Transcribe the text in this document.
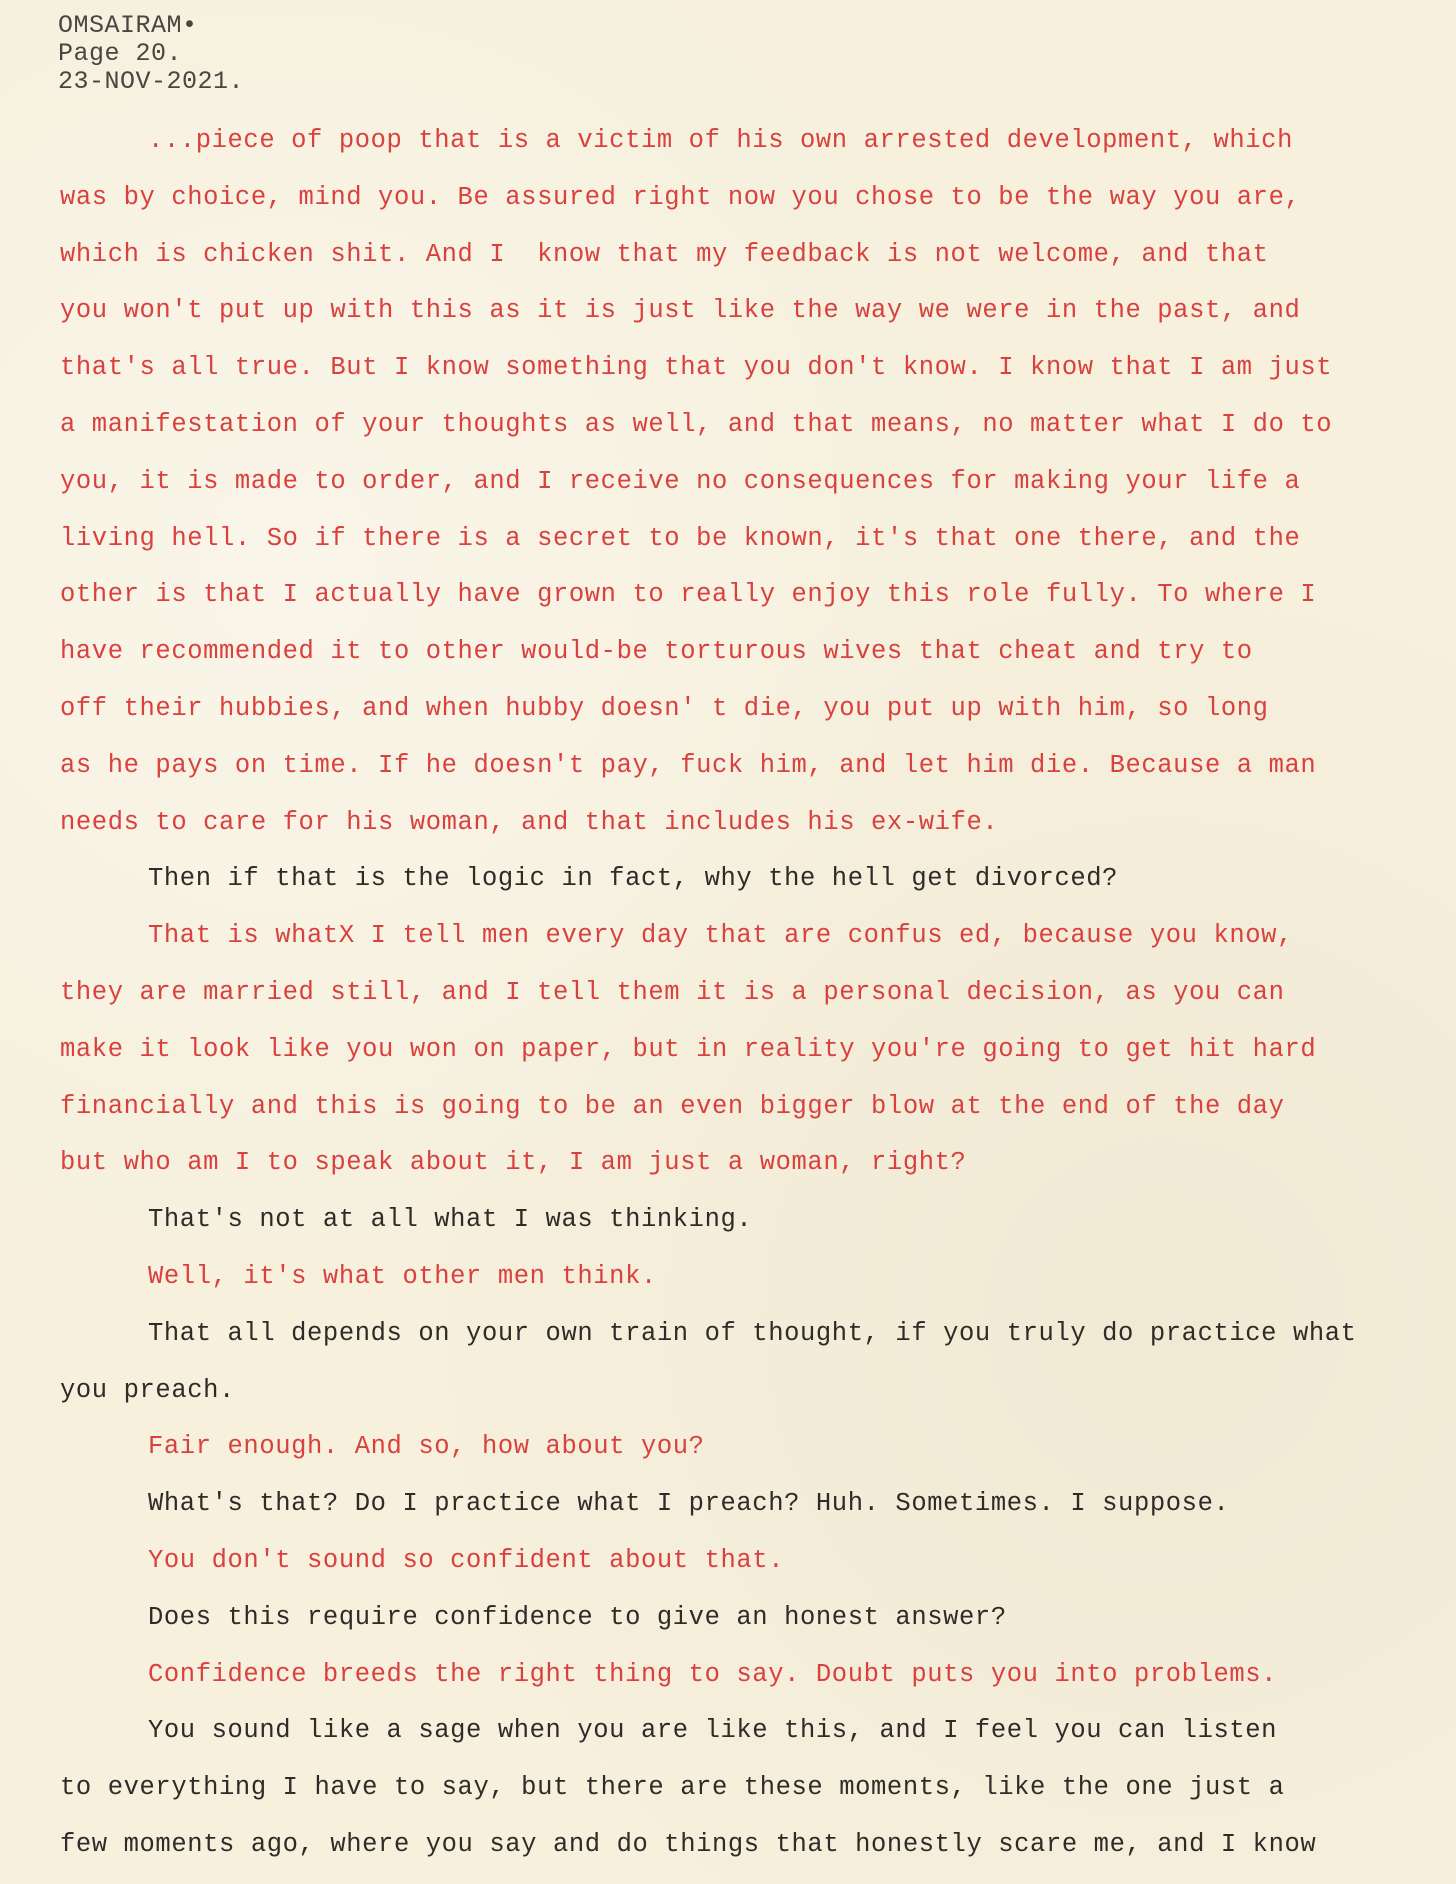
OMSAIRAM•
Page 20.
23-NOV-2021.
...piece of poop that is a victim of his own arrested development, which
was by choice, mind you. Be assured right now you chose to be the way you are,
which is chicken shit. And I  know that my feedback is not welcome, and that
you won't put up with this as it is just like the way we were in the past, and
that's all true. But I know something that you don't know. I know that I am just
a manifestation of your thoughts as well, and that means, no matter what I do to
you, it is made to order, and I receive no consequences for making your life a
living hell. So if there is a secret to be known, it's that one there, and the
other is that I actually have grown to really enjoy this role fully. To where I
have recommended it to other would-be torturous wives that cheat and try to
off their hubbies, and when hubby doesn' t die, you put up with him, so long
as he pays on time. If he doesn't pay, fuck him, and let him die. Because a man
needs to care for his woman, and that includes his ex-wife.
Then if that is the logic in fact, why the hell get divorced?
That is whatX I tell men every day that are confus ed, because you know,
they are married still, and I tell them it is a personal decision, as you can
make it look like you won on paper, but in reality you're going to get hit hard
financially and this is going to be an even bigger blow at the end of the day
but who am I to speak about it, I am just a woman, right?
That's not at all what I was thinking.
Well, it's what other men think.
That all depends on your own train of thought, if you truly do practice what
you preach.
Fair enough. And so, how about you?
What's that? Do I practice what I preach? Huh. Sometimes. I suppose.
You don't sound so confident about that.
Does this require confidence to give an honest answer?
Confidence breeds the right thing to say. Doubt puts you into problems.
You sound like a sage when you are like this, and I feel you can listen
to everything I have to say, but there are these moments, like the one just a
few moments ago, where you say and do things that honestly scare me, and I know
